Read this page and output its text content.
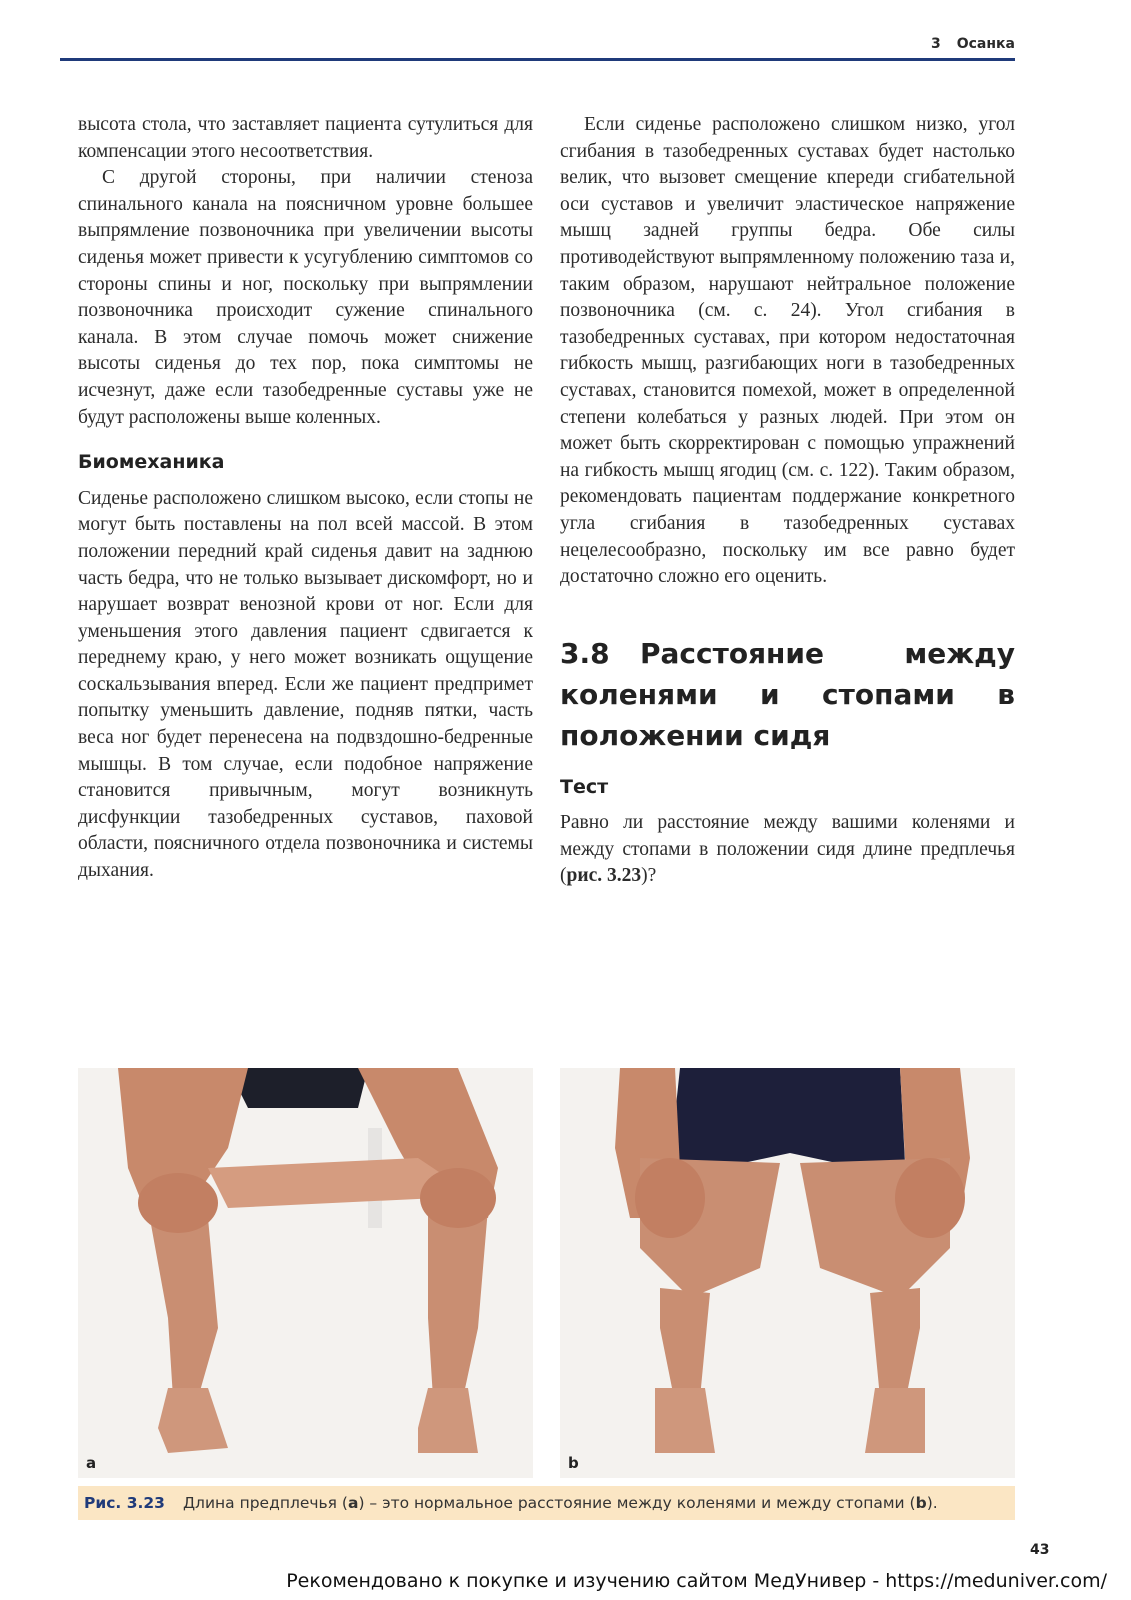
3 Осанка

высота стола, что заставляет пациента сутулиться для компенсации этого несоответствия.

С другой стороны, при наличии стеноза спинального канала на поясничном уровне большее выпрямление позвоночника при увеличении высоты сиденья может привести к усугублению симптомов со стороны спины и ног, поскольку при выпрямлении позвоночника происходит сужение спинального канала. В этом случае помочь может снижение высоты сиденья до тех пор, пока симптомы не исчезнут, даже если тазобедренные суставы уже не будут расположены выше коленных.

Биомеханика

Сиденье расположено слишком высоко, если стопы не могут быть поставлены на пол всей массой. В этом положении передний край сиденья давит на заднюю часть бедра, что не только вызывает дискомфорт, но и нарушает возврат венозной крови от ног. Если для уменьшения этого давления пациент сдвигается к переднему краю, у него может возникать ощущение соскальзывания вперед. Если же пациент предпримет попытку уменьшить давление, подняв пятки, часть веса ног будет перенесена на подвздошно-бедренные мышцы. В том случае, если подобное напряжение становится привычным, могут возникнуть дисфункции тазобедренных суставов, паховой области, поясничного отдела позвоночника и системы дыхания.

Если сиденье расположено слишком низко, угол сгибания в тазобедренных суставах будет настолько велик, что вызовет смещение кпереди сгибательной оси суставов и увеличит эластическое напряжение мышц задней группы бедра. Обе силы противодействуют выпрямленному положению таза и, таким образом, нарушают нейтральное положение позвоночника (см. с. 24). Угол сгибания в тазобедренных суставах, при котором недостаточная гибкость мышц, разгибающих ноги в тазобедренных суставах, становится помехой, может в определенной степени колебаться у разных людей. При этом он может быть скорректирован с помощью упражнений на гибкость мышц ягодиц (см. с. 122). Таким образом, рекомендовать пациентам поддержание конкретного угла сгибания в тазобедренных суставах нецелесообразно, поскольку им все равно будет достаточно сложно его оценить.

3.8 Расстояние между коленями и стопами в положении сидя
Тест

Равно ли расстояние между вашими коленями и между стопами в положении сидя длине предплечья (рис. 3.23)?

a	b
Рис. 3.23 Длина предплечья (a) – это нормальное расстояние между коленями и между стопами (b).
43
Рекомендовано к покупке и изучению сайтом МедУнивер - https://meduniver.com/
